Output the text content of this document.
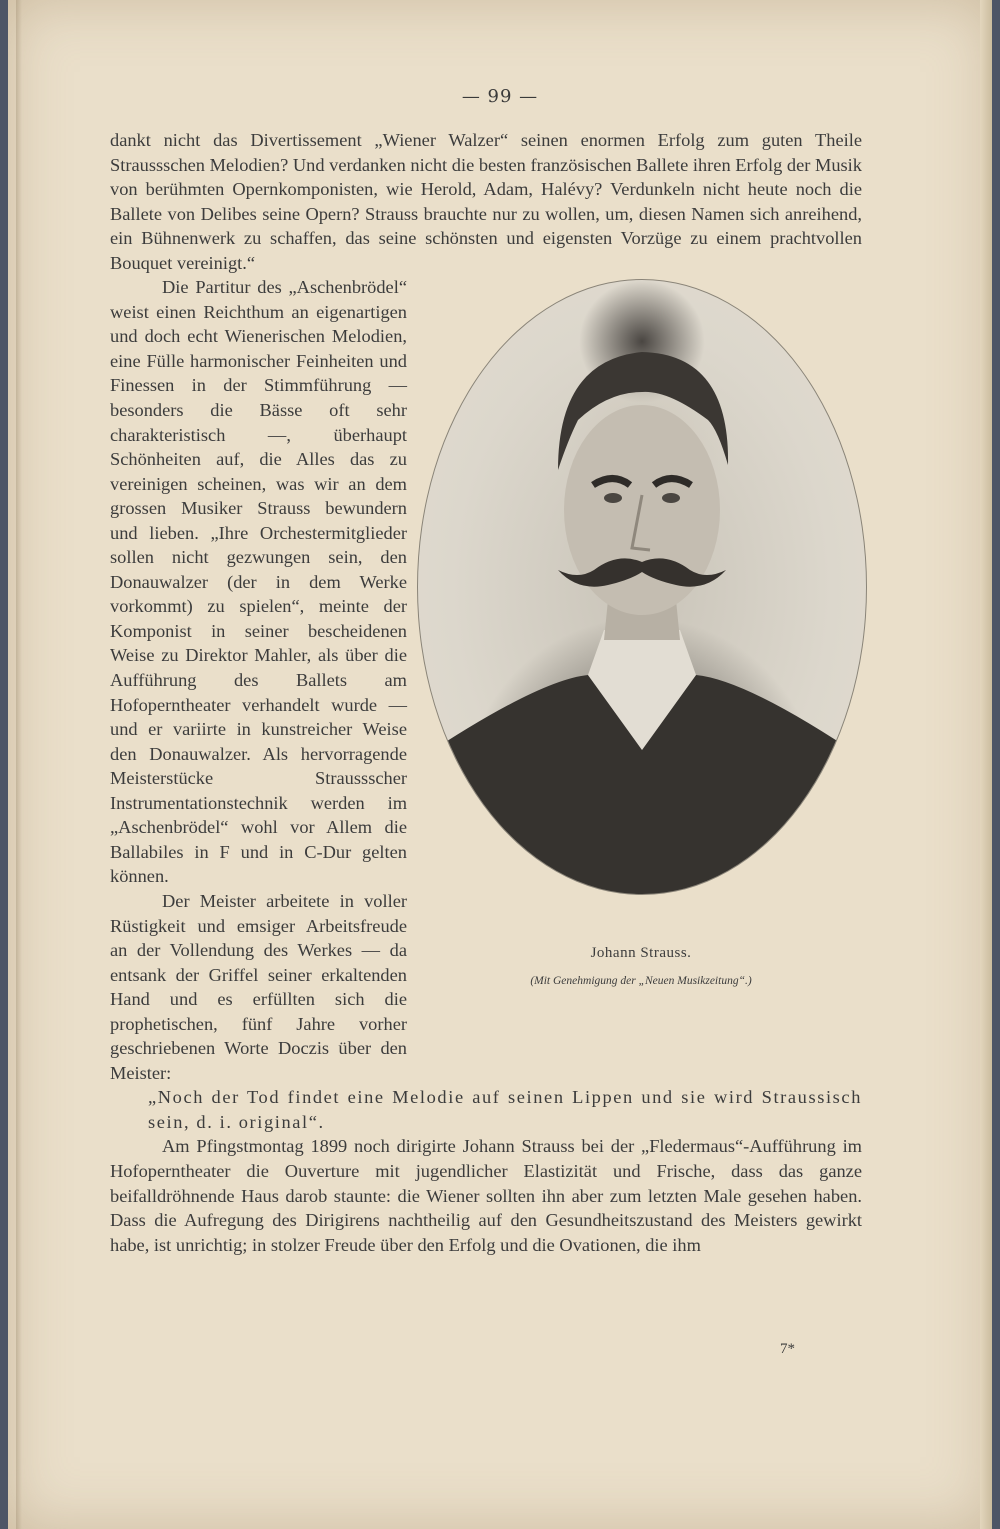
— 99 —

dankt nicht das Divertissement „Wiener Walzer“ seinen enormen Erfolg zum guten Theile Straussschen Melodien? Und verdanken nicht die besten französischen Ballete ihren Erfolg der Musik von berühmten Opernkomponisten, wie Herold, Adam, Halévy? Verdunkeln nicht heute noch die Ballete von Delibes seine Opern? Strauss brauchte nur zu wollen, um, diesen Namen sich anreihend, ein Bühnenwerk zu schaffen, das seine schönsten und eigensten Vorzüge zu einem prachtvollen Bouquet vereinigt.“

Johann Strauss.
(Mit Genehmigung der „Neuen Musikzeitung“.)

Die Partitur des „Aschenbrödel“ weist einen Reichthum an eigenartigen und doch echt Wienerischen Melodien, eine Fülle harmonischer Feinheiten und Finessen in der Stimmführung — besonders die Bässe oft sehr charakteristisch —, überhaupt Schönheiten auf, die Alles das zu vereinigen scheinen, was wir an dem grossen Musiker Strauss bewundern und lieben. „Ihre Orchestermitglieder sollen nicht gezwungen sein, den Donauwalzer (der in dem Werke vorkommt) zu spielen“, meinte der Komponist in seiner bescheidenen Weise zu Direktor Mahler, als über die Aufführung des Ballets am Hofoperntheater verhandelt wurde — und er variirte in kunstreicher Weise den Donauwalzer. Als hervorragende Meisterstücke Straussscher Instrumentationstechnik werden im „Aschenbrödel“ wohl vor Allem die Ballabiles in F und in C-Dur gelten können.

Der Meister arbeitete in voller Rüstigkeit und emsiger Arbeitsfreude an der Vollendung des Werkes — da entsank der Griffel seiner erkaltenden Hand und es erfüllten sich die prophetischen, fünf Jahre vorher geschriebenen Worte Doczis über den Meister:

„Noch der Tod findet eine Melodie auf seinen Lippen und sie wird Straussisch sein, d. i. original“.

Am Pfingstmontag 1899 noch dirigirte Johann Strauss bei der „Fledermaus“-Aufführung im Hofoperntheater die Ouverture mit jugendlicher Elastizität und Frische, dass das ganze beifalldröhnende Haus darob staunte: die Wiener sollten ihn aber zum letzten Male gesehen haben. Dass die Aufregung des Dirigirens nachtheilig auf den Gesundheitszustand des Meisters gewirkt habe, ist unrichtig; in stolzer Freude über den Erfolg und die Ovationen, die ihm

7*
